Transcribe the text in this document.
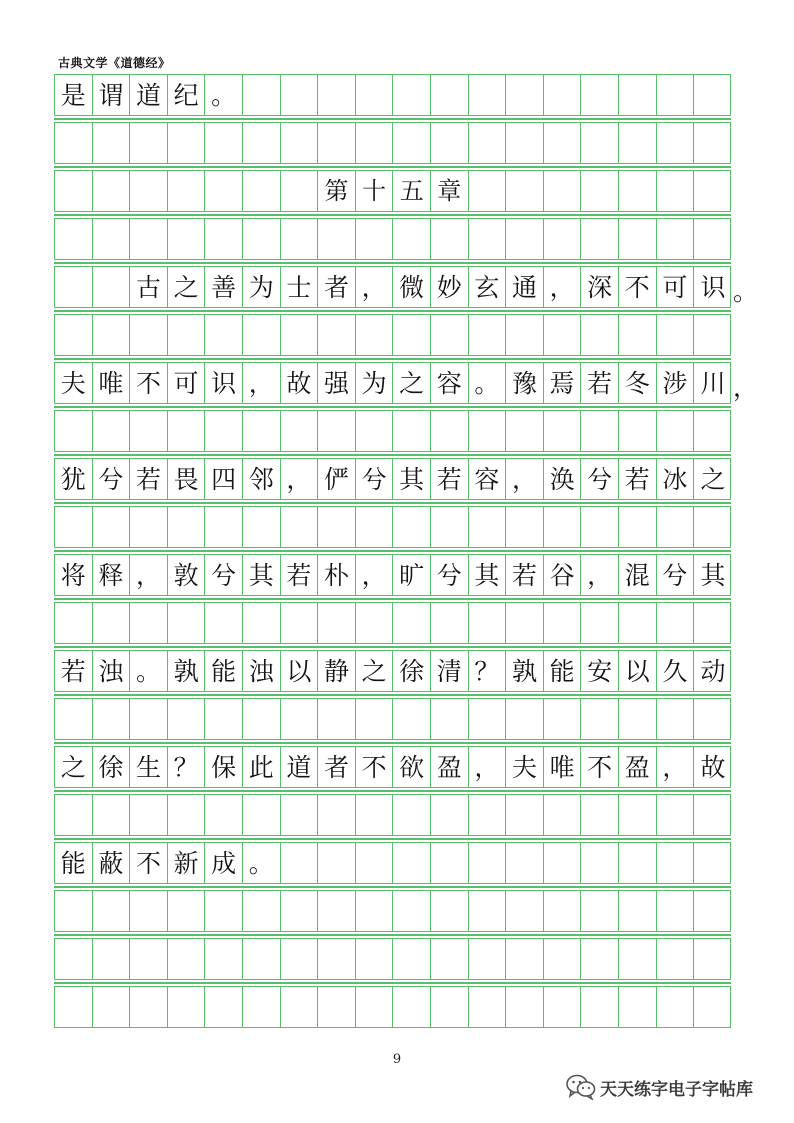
古典文学《道德经》
是 谓 道 纪 。
第 十 五 章
古 之 善 为 士 者 ， 微 妙 玄 通 ， 深 不 可 识
夫 唯 不 可 识 ， 故 强 为 之 容 。 豫 焉 若 冬 涉 川
犹 兮 若 畏 四 邻 ， 俨 兮 其 若 容 ， 涣 兮 若 冰 之
将 释 ， 敦 兮 其 若 朴 ， 旷 兮 其 若 谷 ， 混 兮 其
若 浊 。 孰 能 浊 以 静 之 徐 清 ？ 孰 能 安 以 久 动
之 徐 生 ？ 保 此 道 者 不 欲 盈 ， 夫 唯 不 盈 ， 故
能 蔽 不 新 成 。
9
天天练字电子字帖库
。
，
